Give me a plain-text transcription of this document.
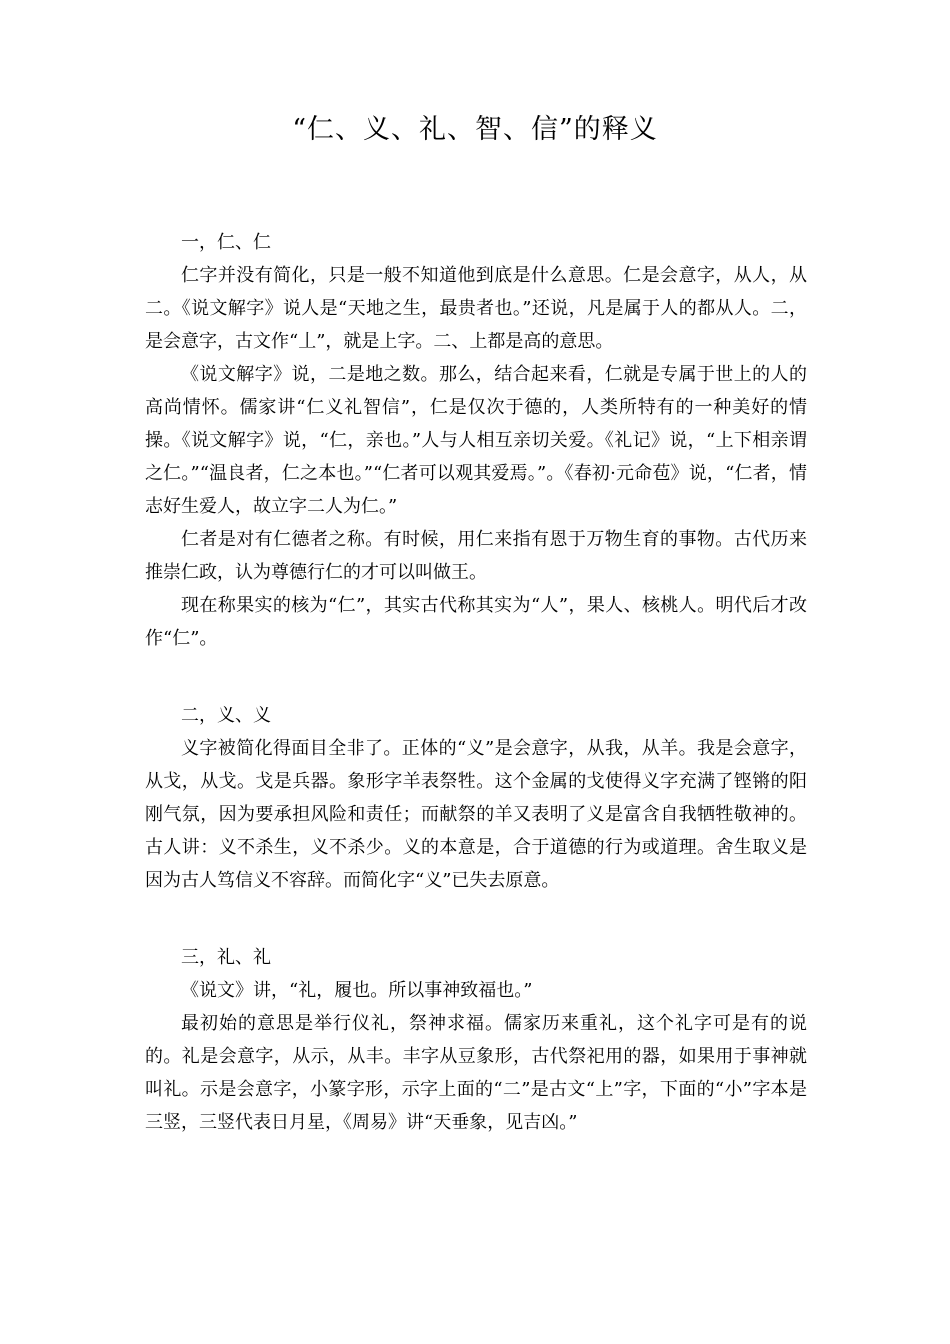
“仁、义、礼、智、信”的释义

一，仁、仁

仁字并没有简化，只是一般不知道他到底是什么意思。仁是会意字，从人，从二。《说文解字》说人是“天地之生，最贵者也。”还说，凡是属于人的都从人。二，是会意字，古文作“丄”，就是上字。二、上都是高的意思。

《说文解字》说，二是地之数。那么，结合起来看，仁就是专属于世上的人的高尚情怀。儒家讲“仁义礼智信”，仁是仅次于德的，人类所特有的一种美好的情操。《说文解字》说，“仁，亲也。”人与人相互亲切关爱。《礼记》说，“上下相亲谓之仁。”“温良者，仁之本也。”“仁者可以观其爱焉。”。《春初·元命苞》说，“仁者，情志好生爱人，故立字二人为仁。”

仁者是对有仁德者之称。有时候，用仁来指有恩于万物生育的事物。古代历来推崇仁政，认为尊德行仁的才可以叫做王。

现在称果实的核为“仁”，其实古代称其实为“人”，果人、核桃人。明代后才改作“仁”。

二，义、义

义字被简化得面目全非了。正体的“义”是会意字，从我，从羊。我是会意字，从戈，从戈。戈是兵器。象形字羊表祭牲。这个金属的戈使得义字充满了铿锵的阳刚气氛，因为要承担风险和责任；而献祭的羊又表明了义是富含自我牺牲敬神的。古人讲：义不杀生，义不杀少。义的本意是，合于道德的行为或道理。舍生取义是因为古人笃信义不容辞。而简化字“义”已失去原意。

三，礼、礼

《说文》讲，“礼，履也。所以事神致福也。”

最初始的意思是举行仪礼，祭神求福。儒家历来重礼，这个礼字可是有的说的。礼是会意字，从示，从丰。丰字从豆象形，古代祭祀用的器，如果用于事神就叫礼。示是会意字，小篆字形，示字上面的“二”是古文“上”字，下面的“小”字本是三竖，三竖代表日月星，《周易》讲“天垂象，见吉凶。”
